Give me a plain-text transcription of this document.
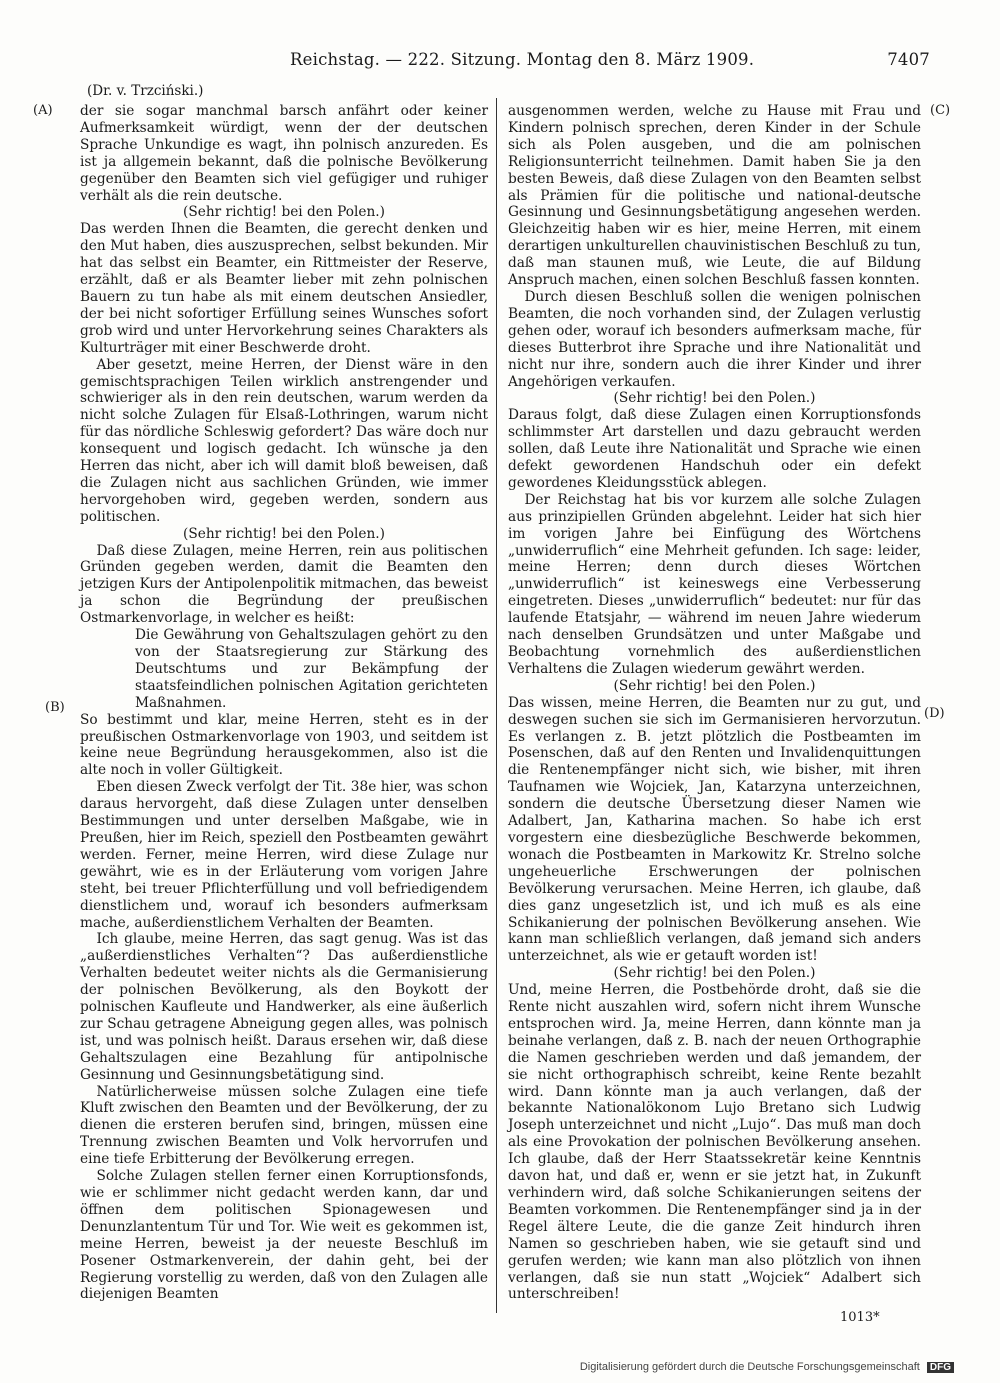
Reichstag. — 222. Sitzung. Montag den 8. März 1909.	7407
(Dr. v. Trzciński.)
(A)
(B)
(C)
(D)

der sie sogar manchmal barsch anfährt oder keiner Aufmerksamkeit würdigt, wenn der der deutschen Sprache Unkundige es wagt, ihn polnisch anzureden. Es ist ja allgemein bekannt, daß die polnische Bevölkerung gegenüber den Beamten sich viel gefügiger und ruhiger verhält als die rein deutsche.

(Sehr richtig! bei den Polen.)

Das werden Ihnen die Beamten, die gerecht denken und den Mut haben, dies auszusprechen, selbst bekunden. Mir hat das selbst ein Beamter, ein Rittmeister der Reserve, erzählt, daß er als Beamter lieber mit zehn polnischen Bauern zu tun habe als mit einem deutschen Ansiedler, der bei nicht sofortiger Erfüllung seines Wunsches sofort grob wird und unter Hervorkehrung seines Charakters als Kulturträger mit einer Beschwerde droht.

Aber gesetzt, meine Herren, der Dienst wäre in den gemischtsprachigen Teilen wirklich anstrengender und schwieriger als in den rein deutschen, warum werden da nicht solche Zulagen für Elsaß-Lothringen, warum nicht für das nördliche Schleswig gefordert? Das wäre doch nur konsequent und logisch gedacht. Ich wünsche ja den Herren das nicht, aber ich will damit bloß beweisen, daß die Zulagen nicht aus sachlichen Gründen, wie immer hervorgehoben wird, gegeben werden, sondern aus politischen.

(Sehr richtig! bei den Polen.)

Daß diese Zulagen, meine Herren, rein aus politischen Gründen gegeben werden, damit die Beamten den jetzigen Kurs der Antipolenpolitik mitmachen, das beweist ja schon die Begründung der preußischen Ostmarkenvorlage, in welcher es heißt:

Die Gewährung von Gehaltszulagen gehört zu den von der Staatsregierung zur Stärkung des Deutschtums und zur Bekämpfung der staatsfeindlichen polnischen Agitation gerichteten Maßnahmen.

So bestimmt und klar, meine Herren, steht es in der preußischen Ostmarkenvorlage von 1903, und seitdem ist keine neue Begründung herausgekommen, also ist die alte noch in voller Gültigkeit.

Eben diesen Zweck verfolgt der Tit. 38e hier, was schon daraus hervorgeht, daß diese Zulagen unter denselben Bestimmungen und unter derselben Maßgabe, wie in Preußen, hier im Reich, speziell den Postbeamten gewährt werden. Ferner, meine Herren, wird diese Zulage nur gewährt, wie es in der Erläuterung vom vorigen Jahre steht, bei treuer Pflichterfüllung und voll befriedigendem dienstlichem und, worauf ich besonders aufmerksam mache, außerdienstlichem Verhalten der Beamten.

Ich glaube, meine Herren, das sagt genug. Was ist das „außerdienstliches Verhalten“? Das außerdienstliche Verhalten bedeutet weiter nichts als die Germanisierung der polnischen Bevölkerung, als den Boykott der polnischen Kaufleute und Handwerker, als eine äußerlich zur Schau getragene Abneigung gegen alles, was polnisch ist, und was polnisch heißt. Daraus ersehen wir, daß diese Gehaltszulagen eine Bezahlung für antipolnische Gesinnung und Gesinnungsbetätigung sind.

Natürlicherweise müssen solche Zulagen eine tiefe Kluft zwischen den Beamten und der Bevölkerung, der zu dienen die ersteren berufen sind, bringen, müssen eine Trennung zwischen Beamten und Volk hervorrufen und eine tiefe Erbitterung der Bevölkerung erregen.

Solche Zulagen stellen ferner einen Korruptionsfonds, wie er schlimmer nicht gedacht werden kann, dar und öffnen dem politischen Spionagewesen und Denunzlantentum Tür und Tor. Wie weit es gekommen ist, meine Herren, beweist ja der neueste Beschluß im Posener Ostmarkenverein, der dahin geht, bei der Regierung vorstellig zu werden, daß von den Zulagen alle diejenigen Beamten

ausgenommen werden, welche zu Hause mit Frau und Kindern polnisch sprechen, deren Kinder in der Schule sich als Polen ausgeben, und die am polnischen Religionsunterricht teilnehmen. Damit haben Sie ja den besten Beweis, daß diese Zulagen von den Beamten selbst als Prämien für die politische und national-deutsche Gesinnung und Gesinnungsbetätigung angesehen werden. Gleichzeitig haben wir es hier, meine Herren, mit einem derartigen unkulturellen chauvinistischen Beschluß zu tun, daß man staunen muß, wie Leute, die auf Bildung Anspruch machen, einen solchen Beschluß fassen konnten.

Durch diesen Beschluß sollen die wenigen polnischen Beamten, die noch vorhanden sind, der Zulagen verlustig gehen oder, worauf ich besonders aufmerksam mache, für dieses Butterbrot ihre Sprache und ihre Nationalität und nicht nur ihre, sondern auch die ihrer Kinder und ihrer Angehörigen verkaufen.

(Sehr richtig! bei den Polen.)

Daraus folgt, daß diese Zulagen einen Korruptionsfonds schlimmster Art darstellen und dazu gebraucht werden sollen, daß Leute ihre Nationalität und Sprache wie einen defekt gewordenen Handschuh oder ein defekt gewordenes Kleidungsstück ablegen.

Der Reichstag hat bis vor kurzem alle solche Zulagen aus prinzipiellen Gründen abgelehnt. Leider hat sich hier im vorigen Jahre bei Einfügung des Wörtchens „unwiderruflich“ eine Mehrheit gefunden. Ich sage: leider, meine Herren; denn durch dieses Wörtchen „unwiderruflich“ ist keineswegs eine Verbesserung eingetreten. Dieses „unwiderruflich“ bedeutet: nur für das laufende Etatsjahr, — während im neuen Jahre wiederum nach denselben Grundsätzen und unter Maßgabe und Beobachtung vornehmlich des außerdienstlichen Verhaltens die Zulagen wiederum gewährt werden.

(Sehr richtig! bei den Polen.)

Das wissen, meine Herren, die Beamten nur zu gut, und deswegen suchen sie sich im Germanisieren hervorzutun. Es verlangen z. B. jetzt plötzlich die Postbeamten im Posenschen, daß auf den Renten und Invalidenquittungen die Rentenempfänger nicht sich, wie bisher, mit ihren Taufnamen wie Wojciek, Jan, Katarzyna unterzeichnen, sondern die deutsche Übersetzung dieser Namen wie Adalbert, Jan, Katharina machen. So habe ich erst vorgestern eine diesbezügliche Beschwerde bekommen, wonach die Postbeamten in Markowitz Kr. Strelno solche ungeheuerliche Erschwerungen der polnischen Bevölkerung verursachen. Meine Herren, ich glaube, daß dies ganz ungesetzlich ist, und ich muß es als eine Schikanierung der polnischen Bevölkerung ansehen. Wie kann man schließlich verlangen, daß jemand sich anders unterzeichnet, als wie er getauft worden ist!

(Sehr richtig! bei den Polen.)

Und, meine Herren, die Postbehörde droht, daß sie die Rente nicht auszahlen wird, sofern nicht ihrem Wunsche entsprochen wird. Ja, meine Herren, dann könnte man ja beinahe verlangen, daß z. B. nach der neuen Orthographie die Namen geschrieben werden und daß jemandem, der sie nicht orthographisch schreibt, keine Rente bezahlt wird. Dann könnte man ja auch verlangen, daß der bekannte Nationalökonom Lujo Bretano sich Ludwig Joseph unterzeichnet und nicht „Lujo“. Das muß man doch als eine Provokation der polnischen Bevölkerung ansehen. Ich glaube, daß der Herr Staatssekretär keine Kenntnis davon hat, und daß er, wenn er sie jetzt hat, in Zukunft verhindern wird, daß solche Schikanierungen seitens der Beamten vorkommen. Die Rentenempfänger sind ja in der Regel ältere Leute, die die ganze Zeit hindurch ihren Namen so geschrieben haben, wie sie getauft sind und gerufen werden; wie kann man also plötzlich von ihnen verlangen, daß sie nun statt „Wojciek“ Adalbert sich unterschreiben!

1013*
Digitalisierung gefördert durch die Deutsche Forschungsgemeinschaft DFG
